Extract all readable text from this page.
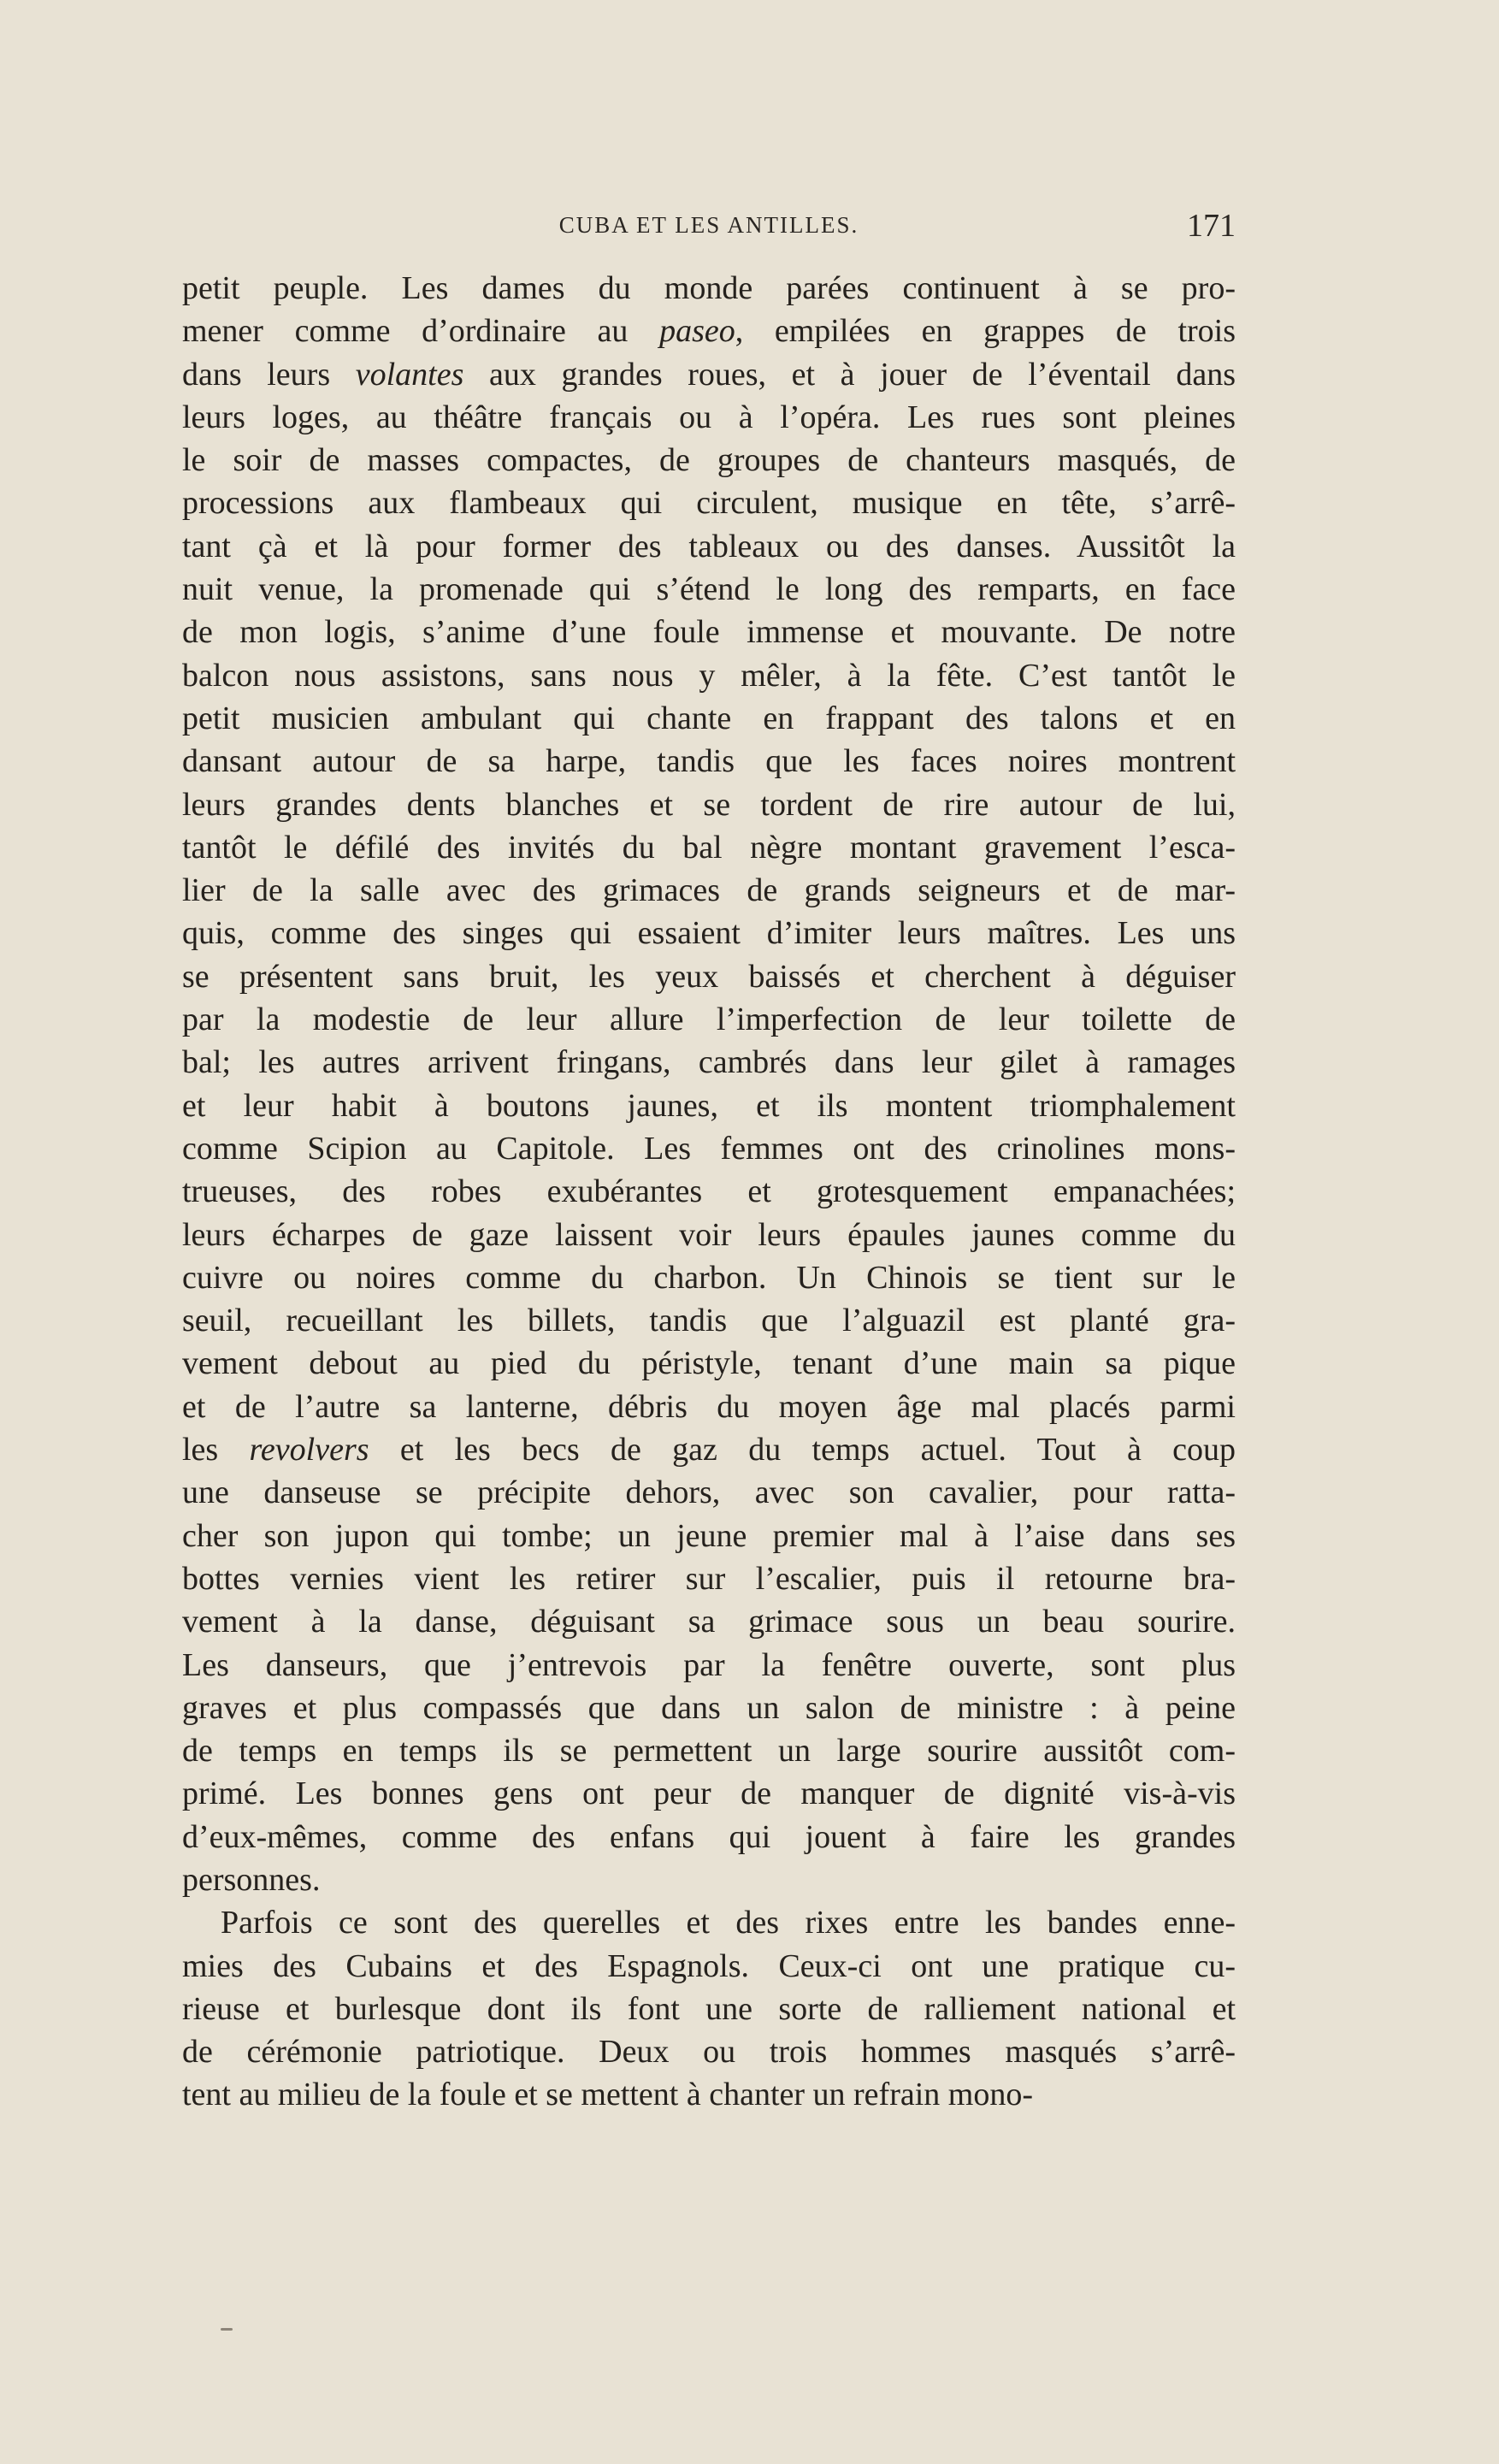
CUBA ET LES ANTILLES.	171

petit peuple. Les dames du monde parées continuent à se pro-

mener comme d’ordinaire au paseo, empilées en grappes de trois

dans leurs volantes aux grandes roues, et à jouer de l’éventail dans

leurs loges, au théâtre français ou à l’opéra. Les rues sont pleines

le soir de masses compactes, de groupes de chanteurs masqués, de

processions aux flambeaux qui circulent, musique en tête, s’arrê-

tant çà et là pour former des tableaux ou des danses. Aussitôt la

nuit venue, la promenade qui s’étend le long des remparts, en face

de mon logis, s’anime d’une foule immense et mouvante. De notre

balcon nous assistons, sans nous y mêler, à la fête. C’est tantôt le

petit musicien ambulant qui chante en frappant des talons et en

dansant autour de sa harpe, tandis que les faces noires montrent

leurs grandes dents blanches et se tordent de rire autour de lui,

tantôt le défilé des invités du bal nègre montant gravement l’esca-

lier de la salle avec des grimaces de grands seigneurs et de mar-

quis, comme des singes qui essaient d’imiter leurs maîtres. Les uns

se présentent sans bruit, les yeux baissés et cherchent à déguiser

par la modestie de leur allure l’imperfection de leur toilette de

bal; les autres arrivent fringans, cambrés dans leur gilet à ramages

et leur habit à boutons jaunes, et ils montent triomphalement

comme Scipion au Capitole. Les femmes ont des crinolines mons-

trueuses, des robes exubérantes et grotesquement empanachées;

leurs écharpes de gaze laissent voir leurs épaules jaunes comme du

cuivre ou noires comme du charbon. Un Chinois se tient sur le

seuil, recueillant les billets, tandis que l’alguazil est planté gra-

vement debout au pied du péristyle, tenant d’une main sa pique

et de l’autre sa lanterne, débris du moyen âge mal placés parmi

les revolvers et les becs de gaz du temps actuel. Tout à coup

une danseuse se précipite dehors, avec son cavalier, pour ratta-

cher son jupon qui tombe; un jeune premier mal à l’aise dans ses

bottes vernies vient les retirer sur l’escalier, puis il retourne bra-

vement à la danse, déguisant sa grimace sous un beau sourire.

Les danseurs, que j’entrevois par la fenêtre ouverte, sont plus

graves et plus compassés que dans un salon de ministre : à peine

de temps en temps ils se permettent un large sourire aussitôt com-

primé. Les bonnes gens ont peur de manquer de dignité vis-à-vis

d’eux-mêmes, comme des enfans qui jouent à faire les grandes

personnes.

Parfois ce sont des querelles et des rixes entre les bandes enne-

mies des Cubains et des Espagnols. Ceux-ci ont une pratique cu-

rieuse et burlesque dont ils font une sorte de ralliement national et

de cérémonie patriotique. Deux ou trois hommes masqués s’arrê-

tent au milieu de la foule et se mettent à chanter un refrain mono-
